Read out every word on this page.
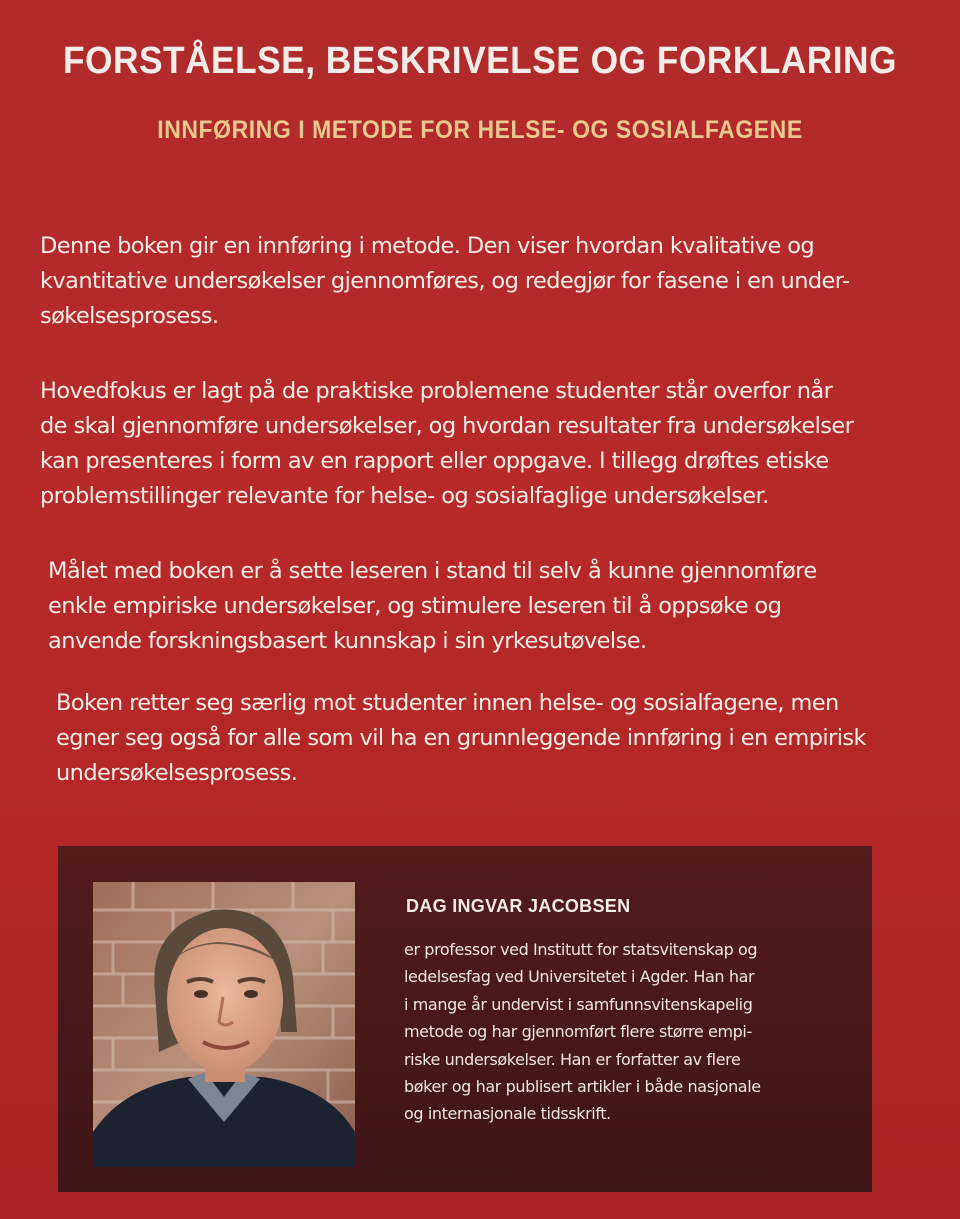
FORSTÅELSE, BESKRIVELSE OG FORKLARING
INNFØRING I METODE FOR HELSE- OG SOSIALFAGENE

Denne boken gir en innføring i metode. Den viser hvordan kvalitative og
kvantitative undersøkelser gjennomføres, og redegjør for fasene i en under-
søkelsesprosess.

Hovedfokus er lagt på de praktiske problemene studenter står overfor når
de skal gjennomføre undersøkelser, og hvordan resultater fra undersøkelser
kan presenteres i form av en rapport eller oppgave. I tillegg drøftes etiske
problemstillinger relevante for helse- og sosialfaglige undersøkelser.

Målet med boken er å sette leseren i stand til selv å kunne gjennomføre
enkle empiriske undersøkelser, og stimulere leseren til å oppsøke og
anvende forskningsbasert kunnskap i sin yrkesutøvelse.

Boken retter seg særlig mot studenter innen helse- og sosialfagene, men
egner seg også for alle som vil ha en grunnleggende innføring i en empirisk
undersøkelsesprosess.

DAG INGVAR JACOBSEN

er professor ved Institutt for statsvitenskap og
ledelsesfag ved Universitetet i Agder. Han har
i mange år undervist i samfunnsvitenskapelig
metode og har gjennomført flere større empi-
riske undersøkelser. Han er forfatter av flere
bøker og har publisert artikler i både nasjonale
og internasjonale tidsskrift.
